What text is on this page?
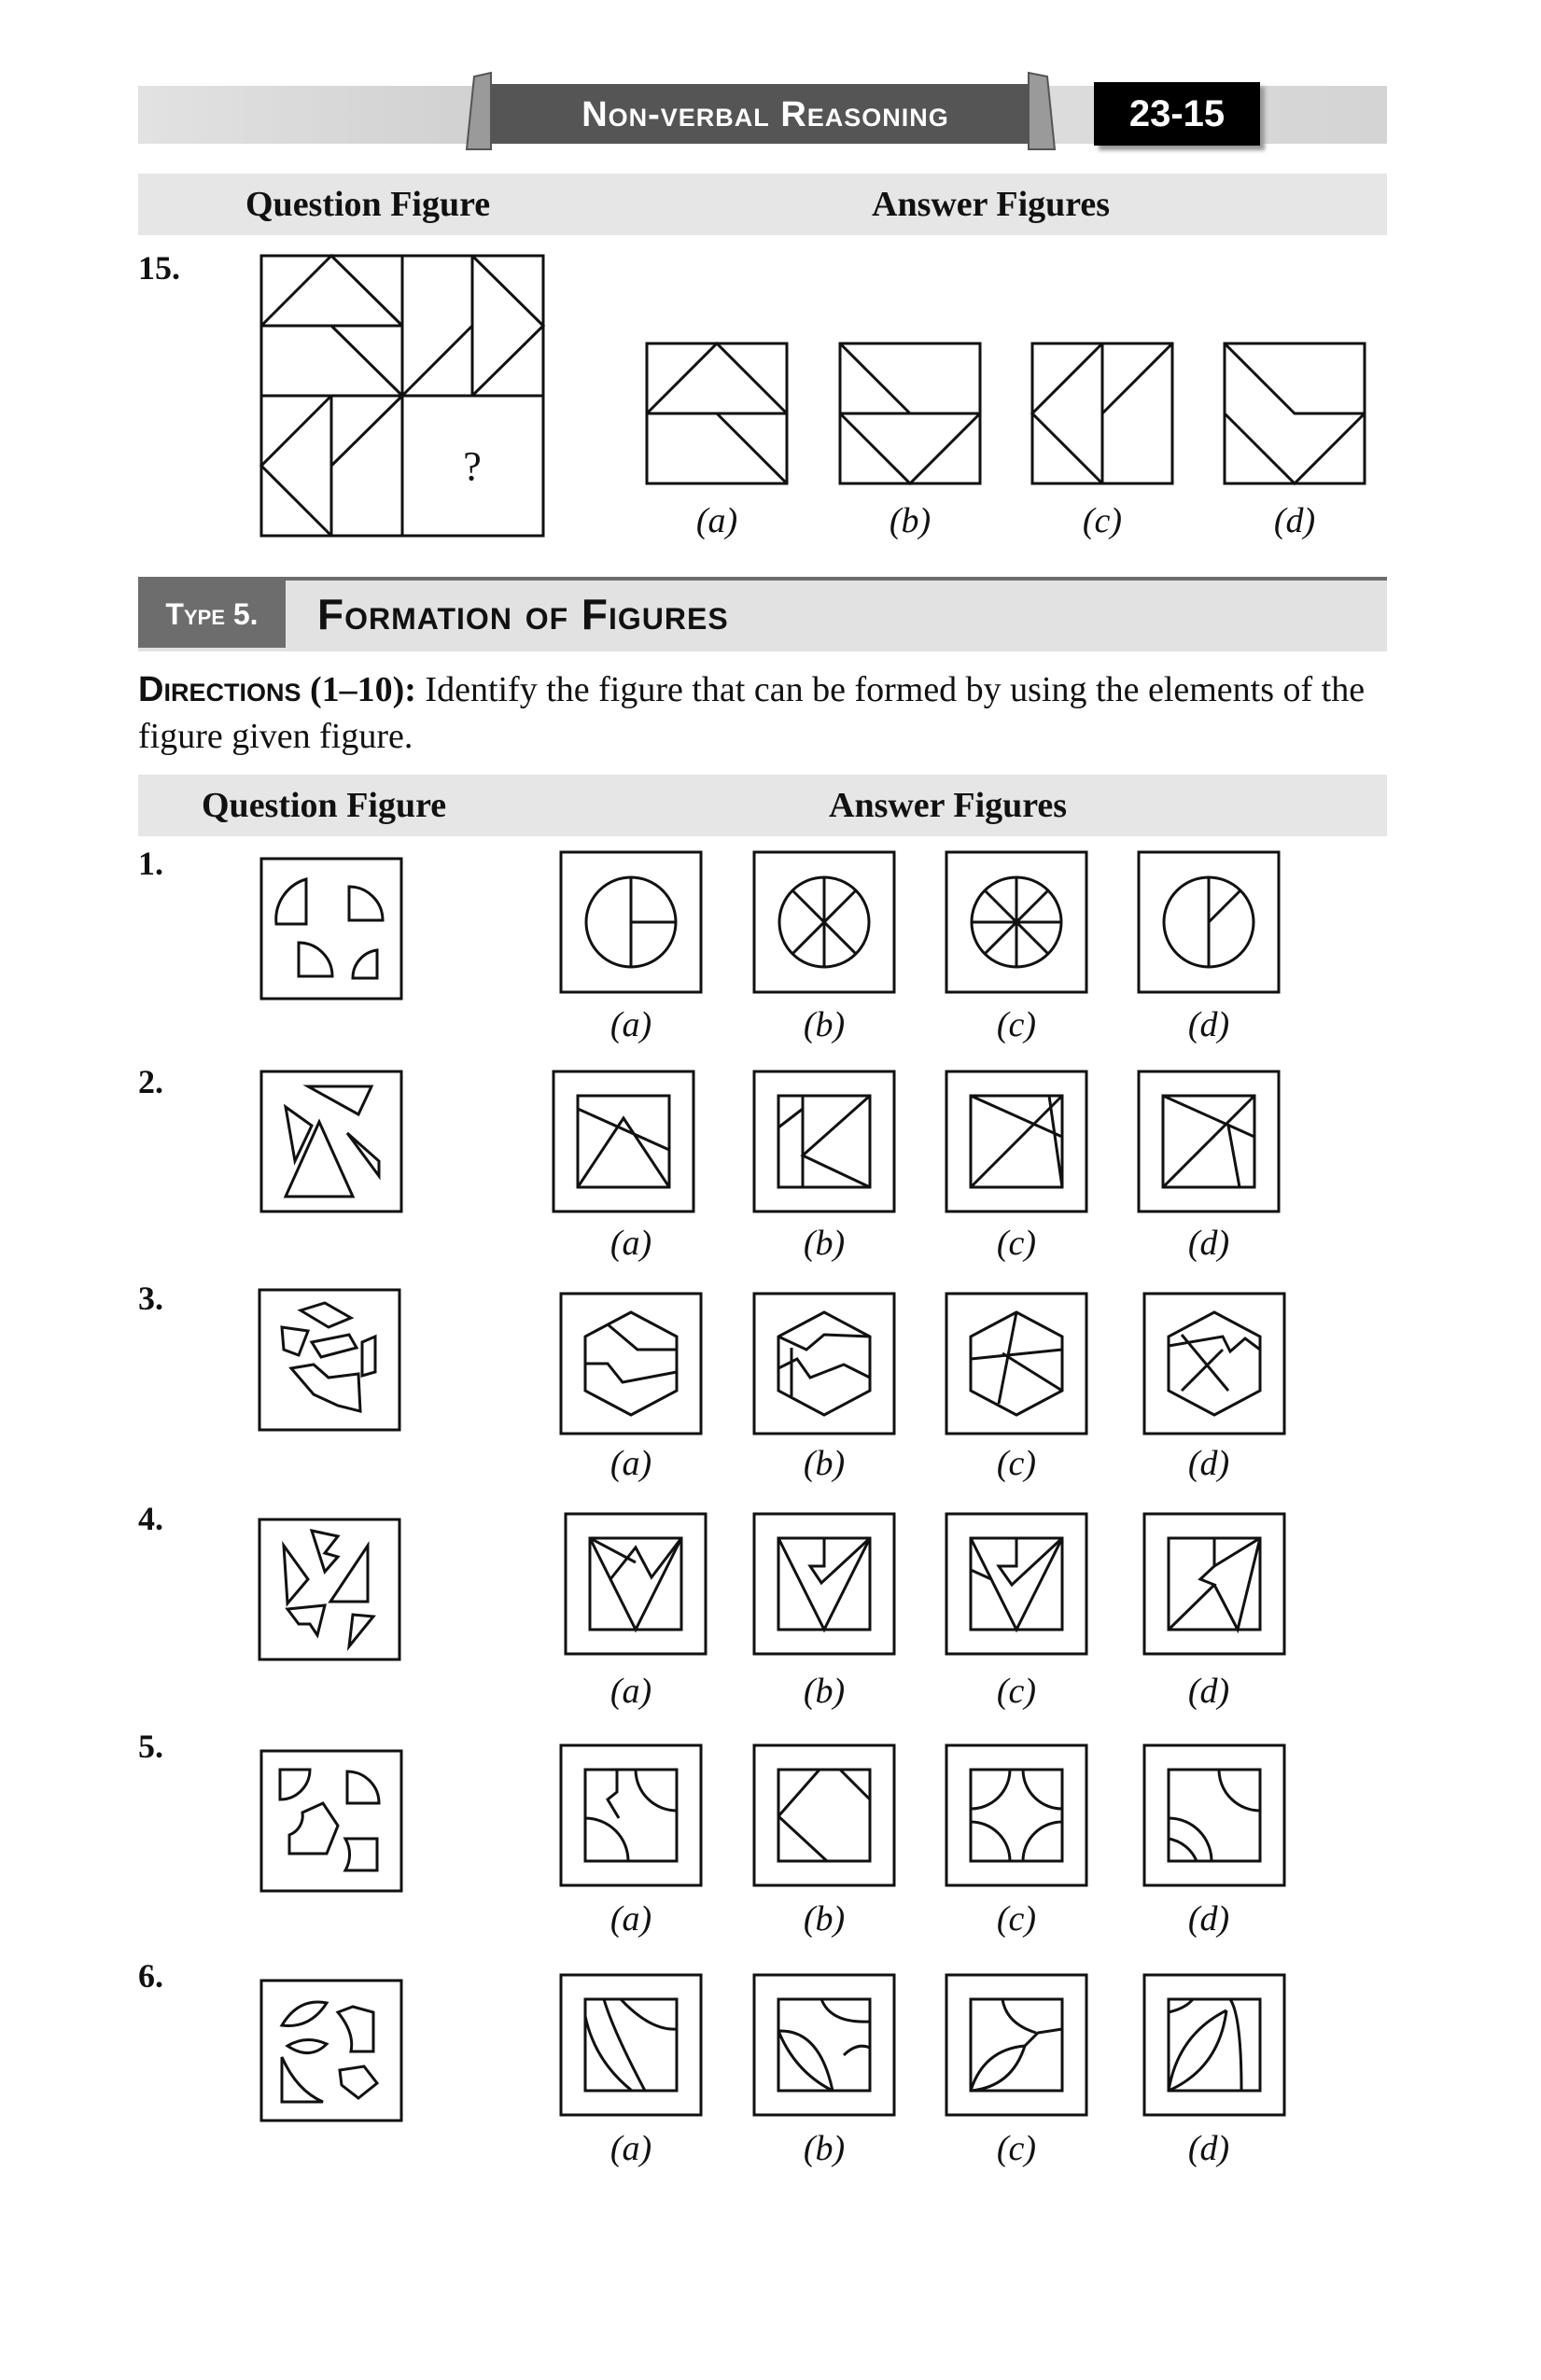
Non-verbal Reasoning	23-15
Question Figure	Answer Figures
15.
?
(a)	(b)	(c)	(d)
Type 5.	Formation of Figures
Directions (1–10): Identify the figure that can be formed by using the elements of the figure given figure.
Question Figure	Answer Figures
1.
(a)	(b)	(c)	(d)
2.
(a)	(b)	(c)	(d)
3.
(a)	(b)	(c)	(d)
4.
(a)	(b)	(c)	(d)
5.
(a)	(b)	(c)	(d)
6.
(a)	(b)	(c)	(d)
